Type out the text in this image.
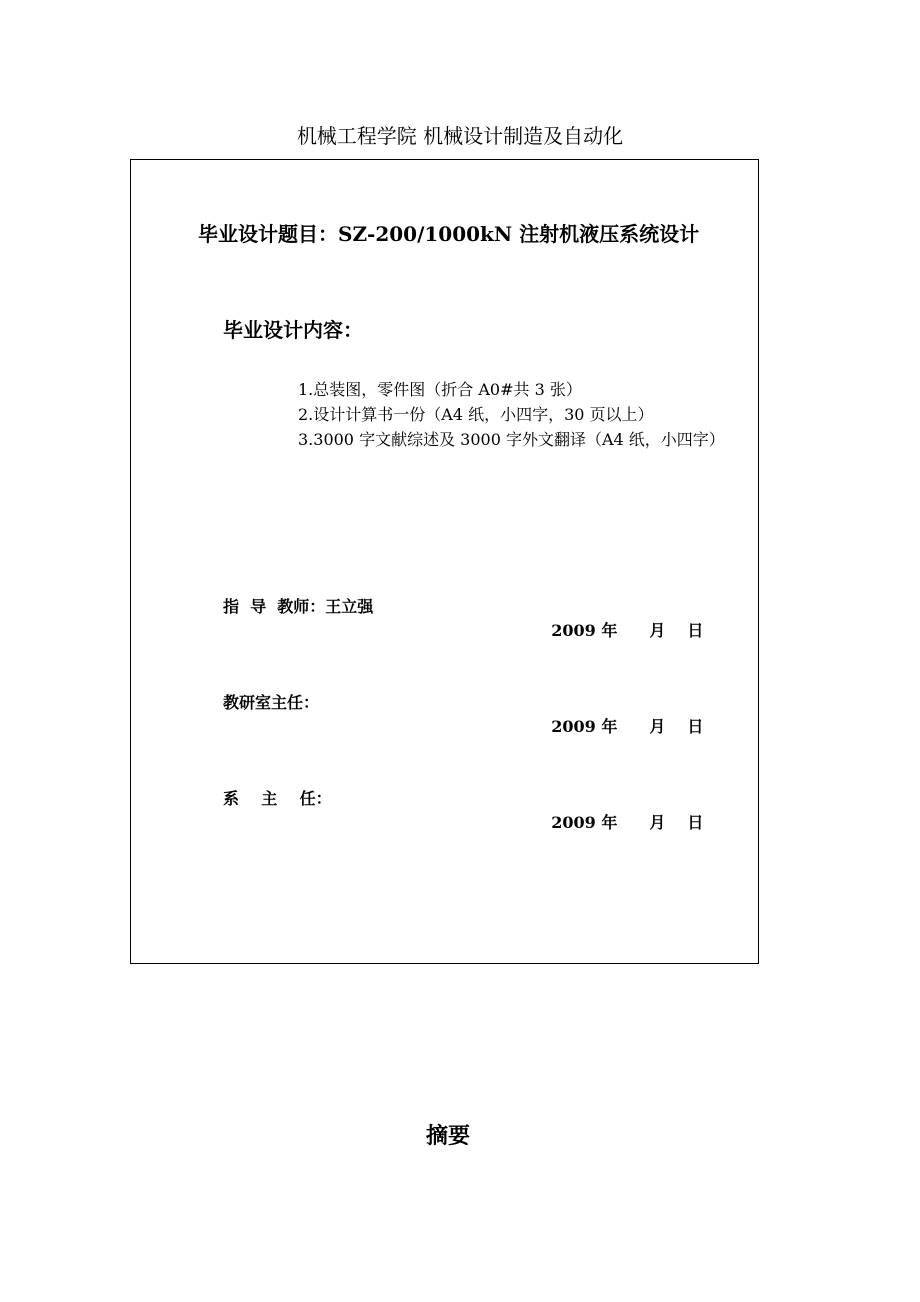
机械工程学院 机械设计制造及自动化
毕业设计题目：SZ-200/1000kN 注射机液压系统设计
毕业设计内容：
1.总装图，零件图（折合 A0#共 3 张）
2.设计计算书一份（A4 纸，小四字，30 页以上）
3.3000 字文献综述及 3000 字外文翻译（A4 纸，小四字）
指  导  教师：王立强

2009 年 月 日

教研室主任：

2009 年 月 日

系    主    任：

2009 年 月 日

摘要
